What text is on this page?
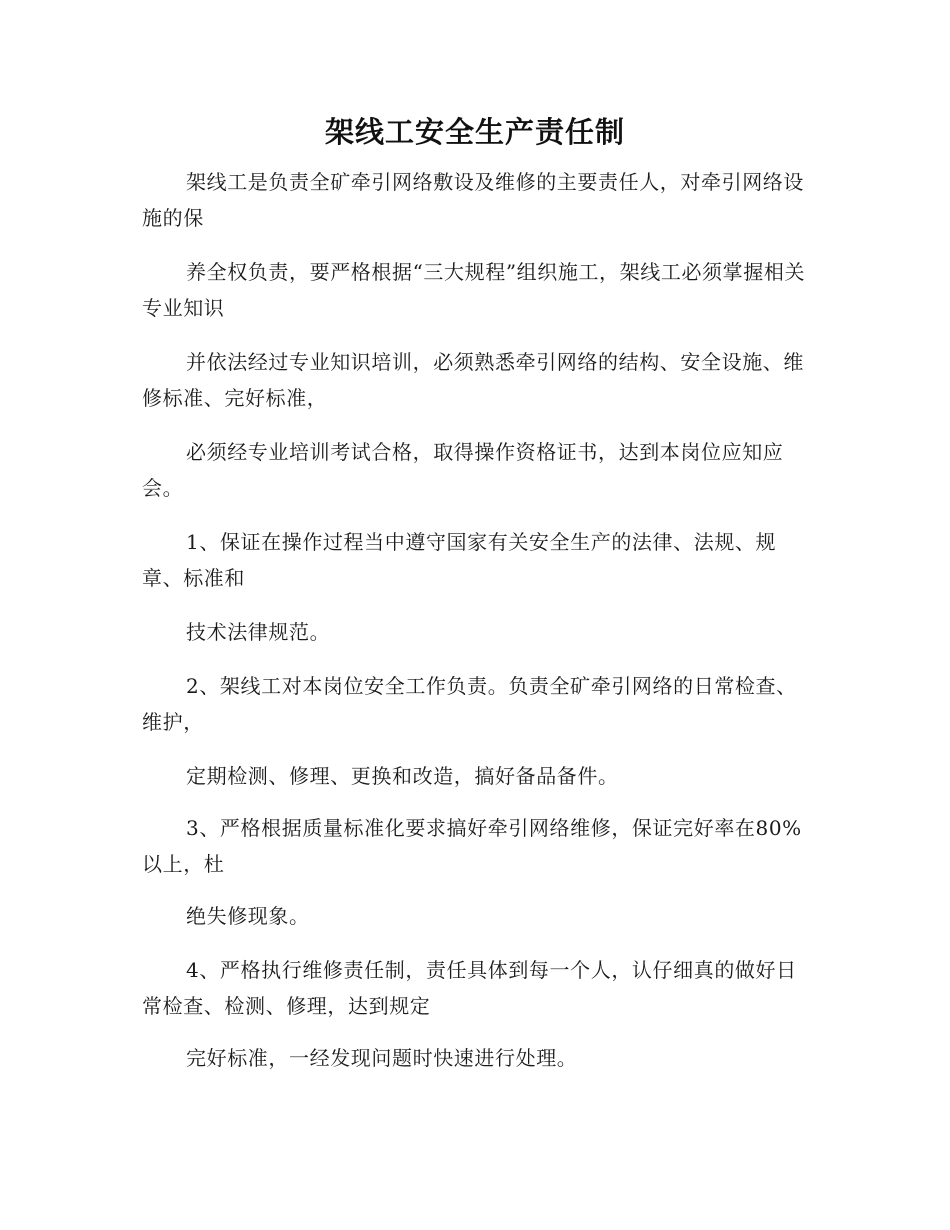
架线工安全生产责任制

架线工是负责全矿牵引网络敷设及维修的主要责任人，对牵引网络设施的保

养全权负责，要严格根据“三大规程”组织施工，架线工必须掌握相关专业知识

并依法经过专业知识培训，必须熟悉牵引网络的结构、安全设施、维修标准、完好标准，

必须经专业培训考试合格，取得操作资格证书，达到本岗位应知应会。

1、保证在操作过程当中遵守国家有关安全生产的法律、法规、规章、标准和

技术法律规范。

2、架线工对本岗位安全工作负责。负责全矿牵引网络的日常检查、维护，

定期检测、修理、更换和改造，搞好备品备件。

3、严格根据质量标准化要求搞好牵引网络维修，保证完好率在80%以上，杜

绝失修现象。

4、严格执行维修责任制，责任具体到每一个人，认仔细真的做好日常检查、检测、修理，达到规定

完好标准，一经发现问题时快速进行处理。
